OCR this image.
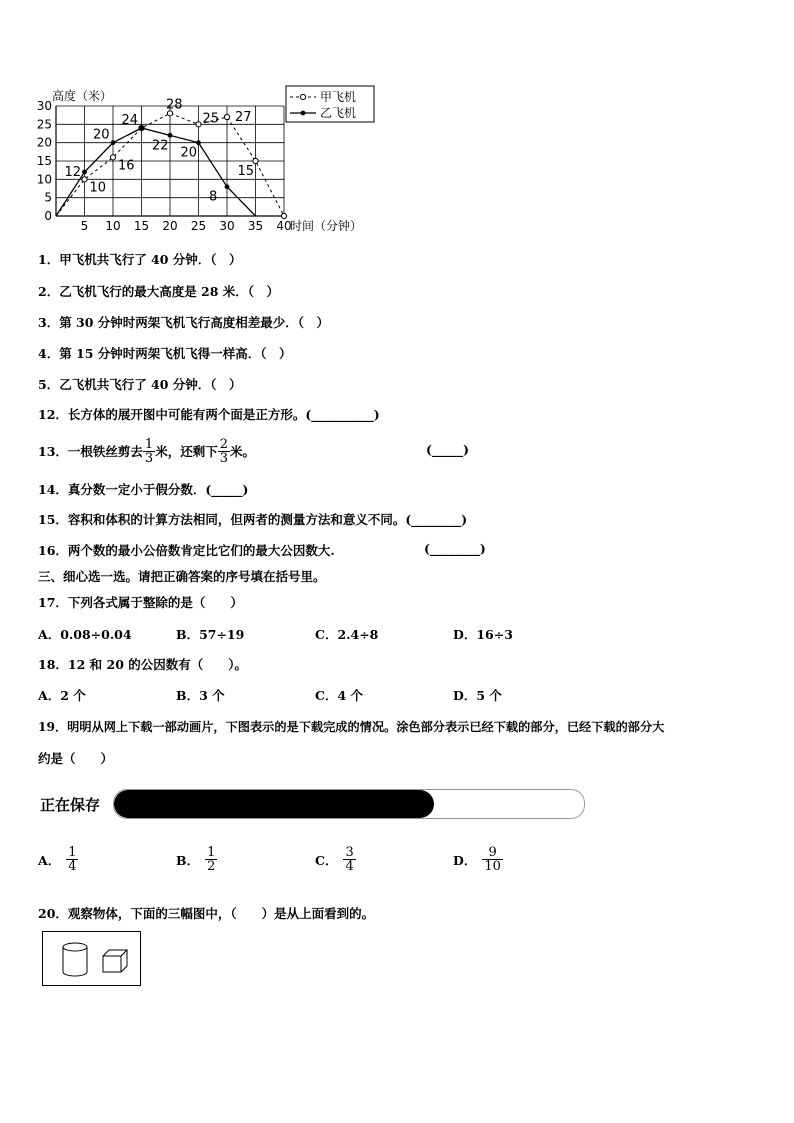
0
5
10
15
20
25
30
5 10 15 20 25 30 35 40
高度（米）
时间（分钟）
28
25 27
24
20
22 20
16
12
10
15
8
甲飞机
乙飞机
1．甲飞机共飞行了 40 分钟．（　）
2．乙飞机飞行的最大高度是 28 米．（　）
3．第 30 分钟时两架飞机飞行高度相差最少．（　）
4．第 15 分钟时两架飞机飞得一样高．（　）
5．乙飞机共飞行了 40 分钟．（　）
12．长方体的展开图中可能有两个面是正方形。(__________)
13．一根铁丝剪去 $\frac{1}{3}$ 米，还剩下 $\frac{2}{3}$ 米。	(_____)
14．真分数一定小于假分数．(_____)
15．容积和体积的计算方法相同，但两者的测量方法和意义不同。(________)
16．两个数的最小公倍数肯定比它们的最大公因数大.	(________)
三、细心选一选。请把正确答案的序号填在括号里。
17．下列各式属于整除的是（　　）
A．0.08÷0.04	B．57÷19	C．2.4÷8	D．16÷3
18．12 和 20 的公因数有（　　）。
A．2 个	B．3 个	C．4 个	D．5 个
19．明明从网上下载一部动画片，下图表示的是下载完成的情况。涂色部分表示已经下载的部分，已经下载的部分大
约是（　　）
正在保存
A． $\frac{1}{4}$	B． $\frac{1}{2}$	C． $\frac{3}{4}$	D． $\frac{9}{10}$
20．观察物体，下面的三幅图中，（　　）是从上面看到的。
